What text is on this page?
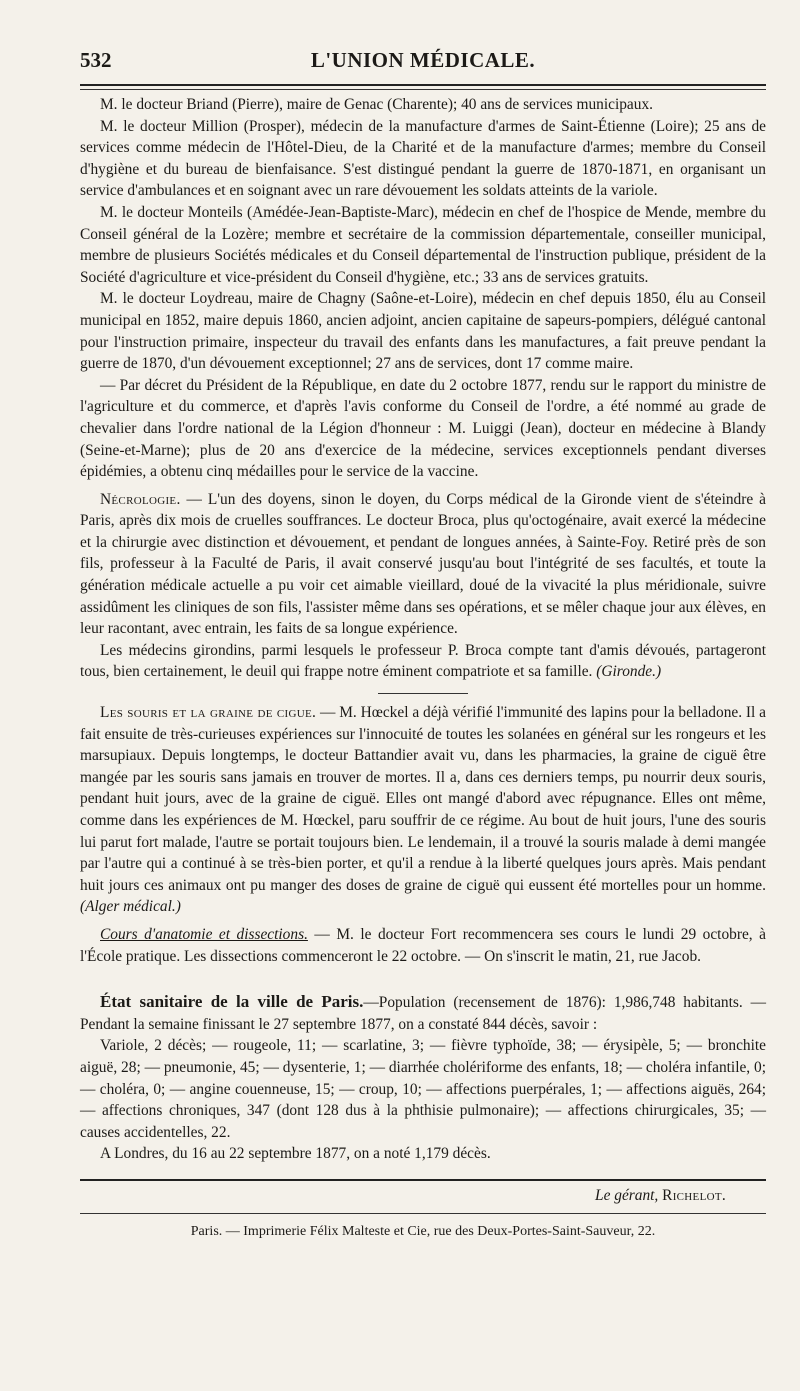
532	L'UNION MÉDICALE.

M. le docteur Briand (Pierre), maire de Genac (Charente); 40 ans de services municipaux.

M. le docteur Million (Prosper), médecin de la manufacture d'armes de Saint-Étienne (Loire); 25 ans de services comme médecin de l'Hôtel-Dieu, de la Charité et de la manufacture d'armes; membre du Conseil d'hygiène et du bureau de bienfaisance. S'est distingué pendant la guerre de 1870-1871, en organisant un service d'ambulances et en soignant avec un rare dévouement les soldats atteints de la variole.

M. le docteur Monteils (Amédée-Jean-Baptiste-Marc), médecin en chef de l'hospice de Mende, membre du Conseil général de la Lozère; membre et secrétaire de la commission départementale, conseiller municipal, membre de plusieurs Sociétés médicales et du Conseil départemental de l'instruction publique, président de la Société d'agriculture et vice-président du Conseil d'hygiène, etc.; 33 ans de services gratuits.

M. le docteur Loydreau, maire de Chagny (Saône-et-Loire), médecin en chef depuis 1850, élu au Conseil municipal en 1852, maire depuis 1860, ancien adjoint, ancien capitaine de sapeurs-pompiers, délégué cantonal pour l'instruction primaire, inspecteur du travail des enfants dans les manufactures, a fait preuve pendant la guerre de 1870, d'un dévouement exceptionnel; 27 ans de services, dont 17 comme maire.

— Par décret du Président de la République, en date du 2 octobre 1877, rendu sur le rapport du ministre de l'agriculture et du commerce, et d'après l'avis conforme du Conseil de l'ordre, a été nommé au grade de chevalier dans l'ordre national de la Légion d'honneur : M. Luiggi (Jean), docteur en médecine à Blandy (Seine-et-Marne); plus de 20 ans d'exercice de la médecine, services exceptionnels pendant diverses épidémies, a obtenu cinq médailles pour le service de la vaccine.

Nécrologie. — L'un des doyens, sinon le doyen, du Corps médical de la Gironde vient de s'éteindre à Paris, après dix mois de cruelles souffrances. Le docteur Broca, plus qu'octogénaire, avait exercé la médecine et la chirurgie avec distinction et dévouement, et pendant de longues années, à Sainte-Foy. Retiré près de son fils, professeur à la Faculté de Paris, il avait conservé jusqu'au bout l'intégrité de ses facultés, et toute la génération médicale actuelle a pu voir cet aimable vieillard, doué de la vivacité la plus méridionale, suivre assidûment les cliniques de son fils, l'assister même dans ses opérations, et se mêler chaque jour aux élèves, en leur racontant, avec entrain, les faits de sa longue expérience.

Les médecins girondins, parmi lesquels le professeur P. Broca compte tant d'amis dévoués, partageront tous, bien certainement, le deuil qui frappe notre éminent compatriote et sa famille. (Gironde.)

Les souris et la graine de cigue. — M. Hœckel a déjà vérifié l'immunité des lapins pour la belladone. Il a fait ensuite de très-curieuses expériences sur l'innocuité de toutes les solanées en général sur les rongeurs et les marsupiaux. Depuis longtemps, le docteur Battandier avait vu, dans les pharmacies, la graine de ciguë être mangée par les souris sans jamais en trouver de mortes. Il a, dans ces derniers temps, pu nourrir deux souris, pendant huit jours, avec de la graine de ciguë. Elles ont mangé d'abord avec répugnance. Elles ont même, comme dans les expériences de M. Hœckel, paru souffrir de ce régime. Au bout de huit jours, l'une des souris lui parut fort malade, l'autre se portait toujours bien. Le lendemain, il a trouvé la souris malade à demi mangée par l'autre qui a continué à se très-bien porter, et qu'il a rendue à la liberté quelques jours après. Mais pendant huit jours ces animaux ont pu manger des doses de graine de ciguë qui eussent été mortelles pour un homme. (Alger médical.)

Cours d'anatomie et dissections. — M. le docteur Fort recommencera ses cours le lundi 29 octobre, à l'École pratique. Les dissections commenceront le 22 octobre. — On s'inscrit le matin, 21, rue Jacob.

État sanitaire de la ville de Paris.—Population (recensement de 1876): 1,986,748 habitants. — Pendant la semaine finissant le 27 septembre 1877, on a constaté 844 décès, savoir :

Variole, 2 décès; — rougeole, 11; — scarlatine, 3; — fièvre typhoïde, 38; — érysipèle, 5; — bronchite aiguë, 28; — pneumonie, 45; — dysenterie, 1; — diarrhée cholériforme des enfants, 18; — choléra infantile, 0; — choléra, 0; — angine couenneuse, 15; — croup, 10; — affections puerpérales, 1; — affections aiguës, 264; — affections chroniques, 347 (dont 128 dus à la phthisie pulmonaire); — affections chirurgicales, 35; — causes accidentelles, 22.

A Londres, du 16 au 22 septembre 1877, on a noté 1,179 décès.

Le gérant, Richelot.
Paris. — Imprimerie Félix Malteste et Cie, rue des Deux-Portes-Saint-Sauveur, 22.
